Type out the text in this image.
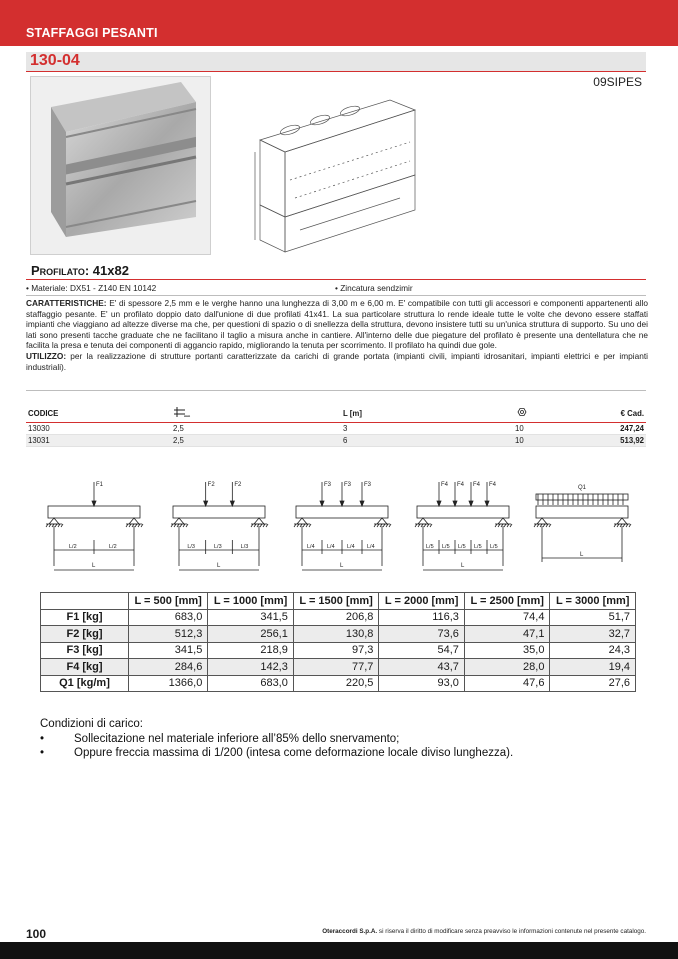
STAFFAGGI PESANTI
130-04
09SIPES
Profilato: 41x82
• Materiale: DX51 - Z140 EN 10142	• Zincatura sendzimir
CARATTERISTICHE: E' di spessore 2,5 mm e le verghe hanno una lunghezza di 3,00 m e 6,00 m. E' compatibile con tutti gli accessori e componenti appartenenti allo staffaggio pesante. E' un profilato doppio dato dall'unione di due profilati 41x41. La sua particolare struttura lo rende ideale tutte le volte che devono essere staffati impianti che viaggiano ad altezze diverse ma che, per questioni di spazio o di snellezza della struttura, devono insistere tutti su un'unica struttura di supporto. Su uno dei lati sono presenti tacche graduate che ne facilitano il taglio a misura anche in cantiere. All'interno delle due piegature del profilato è presente una dentellatura che ne facilita la presa e tenuta dei componenti di aggancio rapido, migliorando la tenuta per scorrimento. Il profilato ha quindi due gole.
UTILIZZO: per la realizzazione di strutture portanti caratterizzate da carichi di grande portata (impianti civili, impianti idrosanitari, impianti elettrici e per impianti industriali).
CODICE	mm	L [m]		€ Cad.
13030	2,5	3	10	247,24
13031	2,5	6	10	513,92
F1
L/2	L/2
L
F2	F2
L/3	L/3	L/3
L
F3 F3 F3
L/4 L/4 L/4 L/4
L
F4 F4 F4 F4
L/5 L/5 L/5 L/5 L/5
L
Q1
L
	L = 500 [mm]	L = 1000 [mm]	L = 1500 [mm]	L = 2000 [mm]	L = 2500 [mm]	L = 3000 [mm]
F1 [kg]	683,0	341,5	206,8	116,3	74,4	51,7
F2 [kg]	512,3	256,1	130,8	73,6	47,1	32,7
F3 [kg]	341,5	218,9	97,3	54,7	35,0	24,3
F4 [kg]	284,6	142,3	77,7	43,7	28,0	19,4
Q1 [kg/m]	1366,0	683,0	220,5	93,0	47,6	27,6
Condizioni di carico:
• Sollecitazione nel materiale inferiore all’85% dello snervamento;
• Oppure freccia massima di 1/200 (intesa come deformazione locale diviso lunghezza).
100	Oteraccordi S.p.A. si riserva il diritto di modificare senza preavviso le informazioni contenute nel presente catalogo.
